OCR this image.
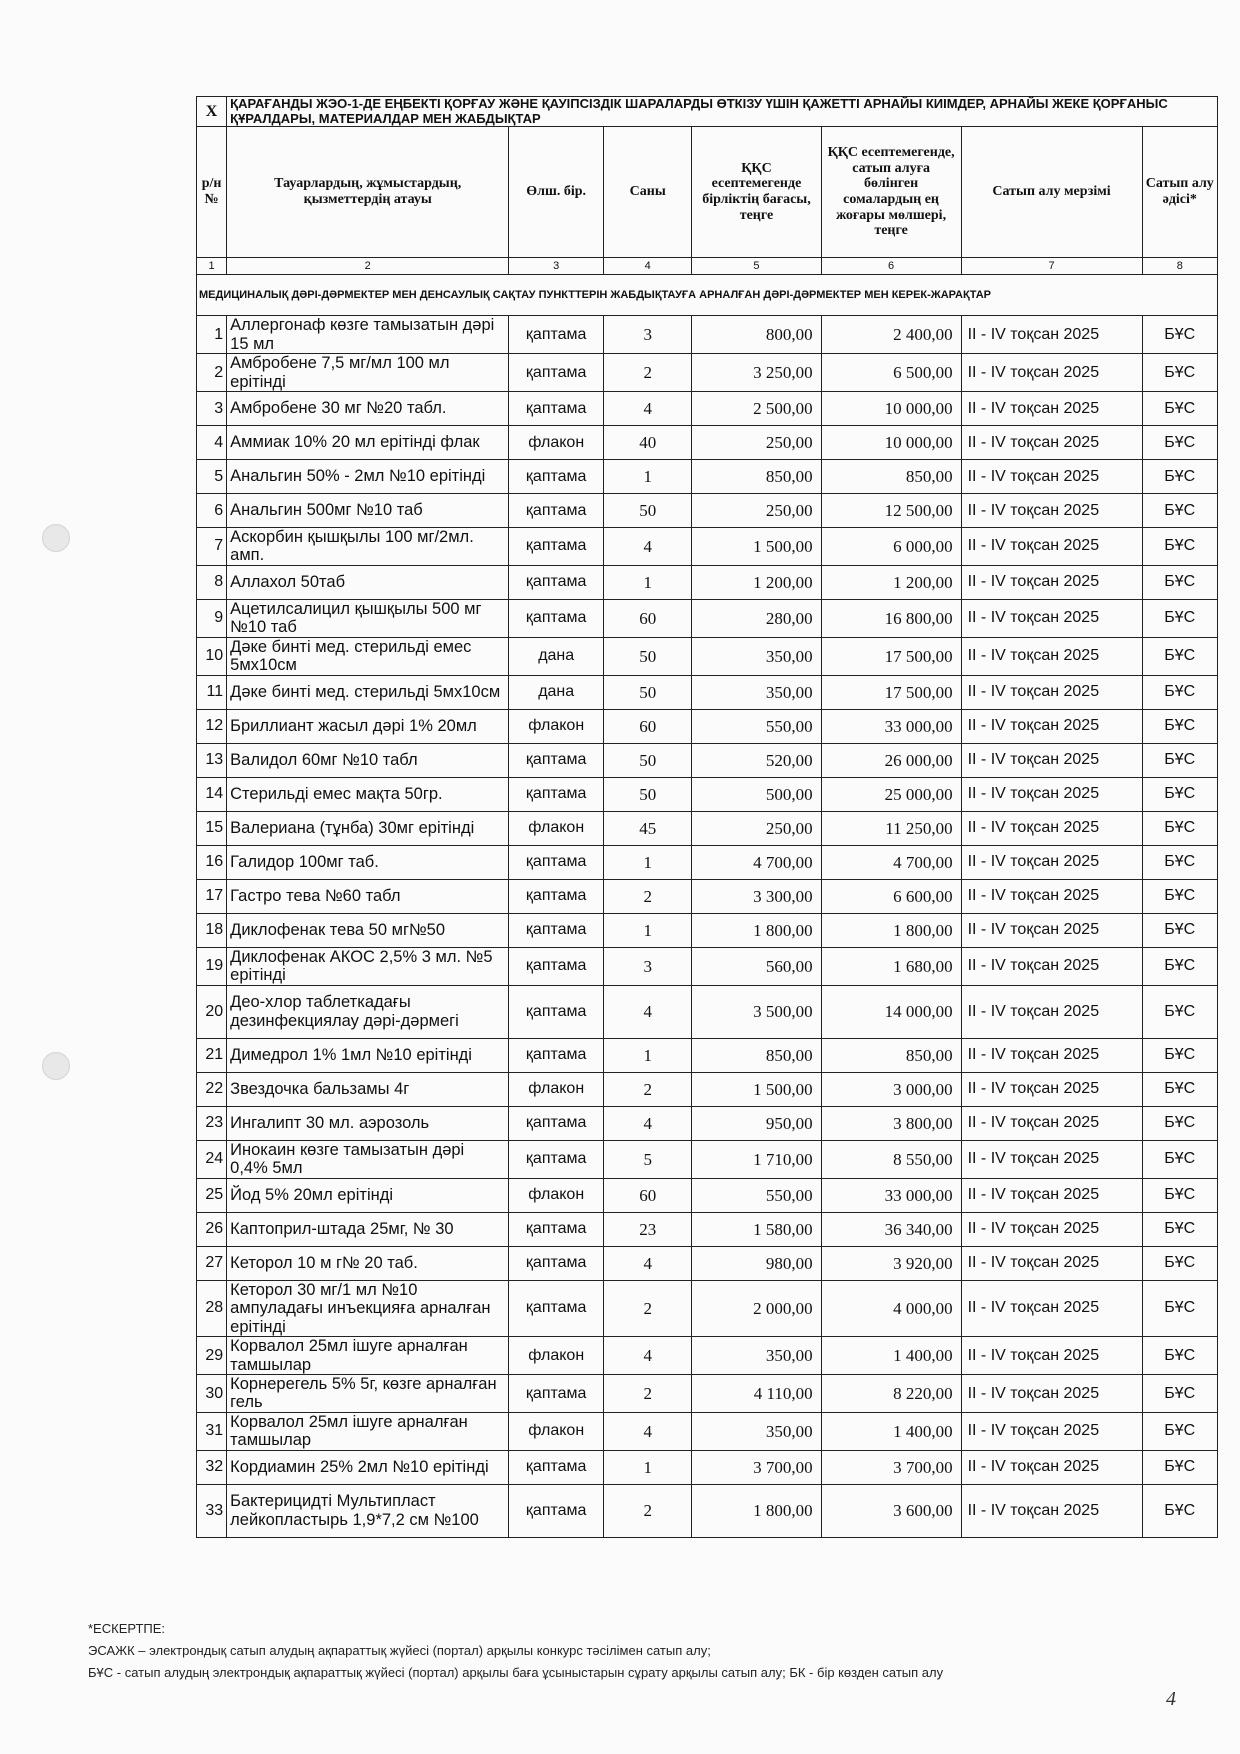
X	ҚАРАҒАНДЫ ЖЭО-1-ДЕ ЕҢБЕКТІ ҚОРҒАУ ЖӘНЕ ҚАУІПСІЗДІК ШАРАЛАРДЫ ӨТКІЗУ ҮШІН ҚАЖЕТТІ АРНАЙЫ КИІМДЕР, АРНАЙЫ ЖЕКЕ ҚОРҒАНЫС ҚҰРАЛДАРЫ, МАТЕРИАЛДАР МЕН ЖАБДЫҚТАР						
р/н №	Тауарлардың, жұмыстардың, қызметтердің атауы	Өлш. бір.	Саны	ҚҚС есептемегенде бірліктің бағасы, теңге	ҚҚС есептемегенде, сатып алуға бөлінген сомалардың ең жоғары мөлшері, теңге	Сатып алу мерзімі	Сатып алу әдісі*
1	2	3	4	5	6	7	8
МЕДИЦИНАЛЫҚ ДӘРІ-ДӘРМЕКТЕР МЕН ДЕНСАУЛЫҚ САҚТАУ ПУНКТТЕРІН ЖАБДЫҚТАУҒА АРНАЛҒАН ДӘРІ-ДӘРМЕКТЕР МЕН КЕРЕК-ЖАРАҚТАР							
1	Аллергонаф көзге тамызатын дәрі 15 мл	қаптама	3	800,00	2 400,00	II - IV тоқсан 2025	БҰС
2	Амбробене 7,5 мг/мл 100 мл ерітінді	қаптама	2	3 250,00	6 500,00	II - IV тоқсан 2025	БҰС
3	Амбробене 30 мг №20 табл.	қаптама	4	2 500,00	10 000,00	II - IV тоқсан 2025	БҰС
4	Аммиак 10% 20 мл ерітінді флак	флакон	40	250,00	10 000,00	II - IV тоқсан 2025	БҰС
5	Анальгин 50% - 2мл №10 ерітінді	қаптама	1	850,00	850,00	II - IV тоқсан 2025	БҰС
6	Анальгин 500мг №10 таб	қаптама	50	250,00	12 500,00	II - IV тоқсан 2025	БҰС
7	Аскорбин қышқылы 100 мг/2мл. амп.	қаптама	4	1 500,00	6 000,00	II - IV тоқсан 2025	БҰС
8	Аллахол 50таб	қаптама	1	1 200,00	1 200,00	II - IV тоқсан 2025	БҰС
9	Ацетилсалицил қышқылы 500 мг №10 таб	қаптама	60	280,00	16 800,00	II - IV тоқсан 2025	БҰС
10	Дәке бинті мед. стерильді емес 5мх10см	дана	50	350,00	17 500,00	II - IV тоқсан 2025	БҰС
11	Дәке бинті мед. стерильді 5мх10см	дана	50	350,00	17 500,00	II - IV тоқсан 2025	БҰС
12	Бриллиант жасыл дәрі 1% 20мл	флакон	60	550,00	33 000,00	II - IV тоқсан 2025	БҰС
13	Валидол 60мг №10 табл	қаптама	50	520,00	26 000,00	II - IV тоқсан 2025	БҰС
14	Стерильді емес мақта 50гр.	қаптама	50	500,00	25 000,00	II - IV тоқсан 2025	БҰС
15	Валериана (тұнба) 30мг ерітінді	флакон	45	250,00	11 250,00	II - IV тоқсан 2025	БҰС
16	Галидор 100мг таб.	қаптама	1	4 700,00	4 700,00	II - IV тоқсан 2025	БҰС
17	Гастро тева №60 табл	қаптама	2	3 300,00	6 600,00	II - IV тоқсан 2025	БҰС
18	Диклофенак тева 50 мг№50	қаптама	1	1 800,00	1 800,00	II - IV тоқсан 2025	БҰС
19	Диклофенак АКОС 2,5% 3 мл. №5 ерітінді	қаптама	3	560,00	1 680,00	II - IV тоқсан 2025	БҰС
20	Део-хлор таблеткадағы дезинфекциялау дәрі-дәрмегі	қаптама	4	3 500,00	14 000,00	II - IV тоқсан 2025	БҰС
21	Димедрол 1% 1мл №10 ерітінді	қаптама	1	850,00	850,00	II - IV тоқсан 2025	БҰС
22	Звездочка бальзамы 4г	флакон	2	1 500,00	3 000,00	II - IV тоқсан 2025	БҰС
23	Ингалипт 30 мл. аэрозоль	қаптама	4	950,00	3 800,00	II - IV тоқсан 2025	БҰС
24	Инокаин көзге тамызатын дәрі 0,4% 5мл	қаптама	5	1 710,00	8 550,00	II - IV тоқсан 2025	БҰС
25	Йод 5% 20мл ерітінді	флакон	60	550,00	33 000,00	II - IV тоқсан 2025	БҰС
26	Каптоприл-штада 25мг, № 30	қаптама	23	1 580,00	36 340,00	II - IV тоқсан 2025	БҰС
27	Кеторол 10 м г№ 20 таб.	қаптама	4	980,00	3 920,00	II - IV тоқсан 2025	БҰС
28	Кеторол 30 мг/1 мл №10 ампуладағы инъекцияға арналған ерітінді	қаптама	2	2 000,00	4 000,00	II - IV тоқсан 2025	БҰС
29	Корвалол 25мл ішуге арналған тамшылар	флакон	4	350,00	1 400,00	II - IV тоқсан 2025	БҰС
30	Корнерегель 5% 5г, көзге арналған гель	қаптама	2	4 110,00	8 220,00	II - IV тоқсан 2025	БҰС
31	Корвалол 25мл ішуге арналған тамшылар	флакон	4	350,00	1 400,00	II - IV тоқсан 2025	БҰС
32	Кордиамин 25% 2мл №10 ерітінді	қаптама	1	3 700,00	3 700,00	II - IV тоқсан 2025	БҰС
33	Бактерицидті Мультипласт лейкопластырь 1,9*7,2 см №100	қаптама	2	1 800,00	3 600,00	II - IV тоқсан 2025	БҰС
*ЕСКЕРТПЕ:
ЭСАЖК – электрондық сатып алудың ақпараттық жүйесі (портал) арқылы конкурс тәсілімен сатып алу;
БҰС - сатып алудың электрондық ақпараттық жүйесі (портал) арқылы баға ұсыныстарын сұрату арқылы сатып алу; БК - бір көзден сатып алу
4
